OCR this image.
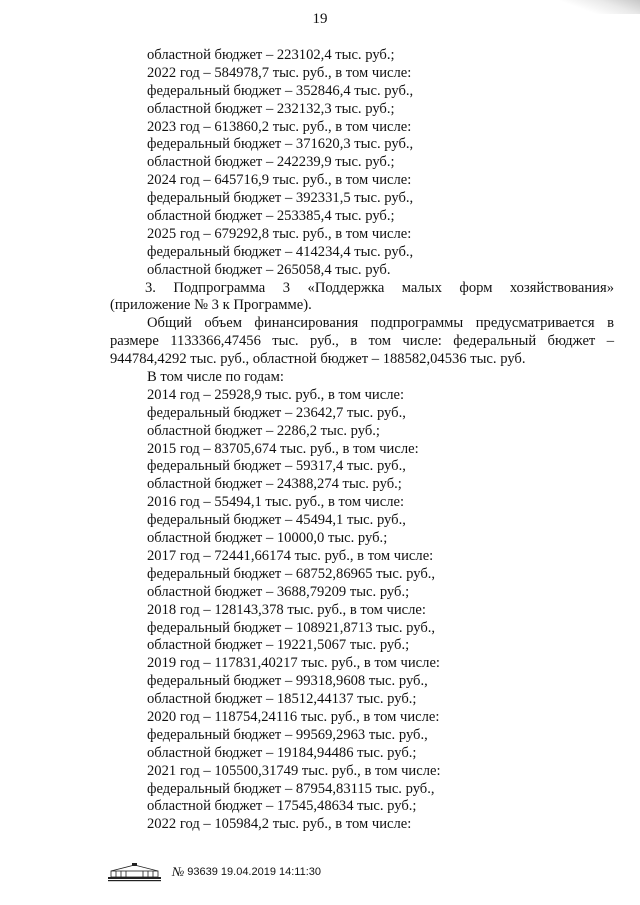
19
областной бюджет – 223102,4 тыс. руб.;
2022 год – 584978,7 тыс. руб., в том числе:
федеральный бюджет – 352846,4 тыс. руб.,
областной бюджет – 232132,3 тыс. руб.;
2023 год – 613860,2 тыс. руб., в том числе:
федеральный бюджет – 371620,3 тыс. руб.,
областной бюджет – 242239,9 тыс. руб.;
2024 год – 645716,9 тыс. руб., в том числе:
федеральный бюджет – 392331,5 тыс. руб.,
областной бюджет – 253385,4 тыс. руб.;
2025 год – 679292,8 тыс. руб., в том числе:
федеральный бюджет – 414234,4 тыс. руб.,
областной бюджет – 265058,4 тыс. руб.
3. Подпрограмма 3 «Поддержка малых форм хозяйствования»
(приложение № 3 к Программе).
Общий объем финансирования подпрограммы предусматривается в
размере 1133366,47456 тыс. руб., в том числе: федеральный бюджет –
944784,4292 тыс. руб., областной бюджет – 188582,04536 тыс. руб.
В том числе по годам:
2014 год – 25928,9 тыс. руб., в том числе:
федеральный бюджет – 23642,7 тыс. руб.,
областной бюджет – 2286,2 тыс. руб.;
2015 год – 83705,674 тыс. руб., в том числе:
федеральный бюджет – 59317,4 тыс. руб.,
областной бюджет – 24388,274 тыс. руб.;
2016 год – 55494,1 тыс. руб., в том числе:
федеральный бюджет – 45494,1 тыс. руб.,
областной бюджет – 10000,0 тыс. руб.;
2017 год – 72441,66174 тыс. руб., в том числе:
федеральный бюджет – 68752,86965 тыс. руб.,
областной бюджет – 3688,79209 тыс. руб.;
2018 год – 128143,378 тыс. руб., в том числе:
федеральный бюджет – 108921,8713 тыс. руб.,
областной бюджет – 19221,5067 тыс. руб.;
2019 год – 117831,40217 тыс. руб., в том числе:
федеральный бюджет – 99318,9608 тыс. руб.,
областной бюджет – 18512,44137 тыс. руб.;
2020 год – 118754,24116 тыс. руб., в том числе:
федеральный бюджет – 99569,2963 тыс. руб.,
областной бюджет – 19184,94486 тыс. руб.;
2021 год – 105500,31749 тыс. руб., в том числе:
федеральный бюджет – 87954,83115 тыс. руб.,
областной бюджет – 17545,48634 тыс. руб.;
2022 год – 105984,2 тыс. руб., в том числе:
№ 93639 19.04.2019 14:11:30
